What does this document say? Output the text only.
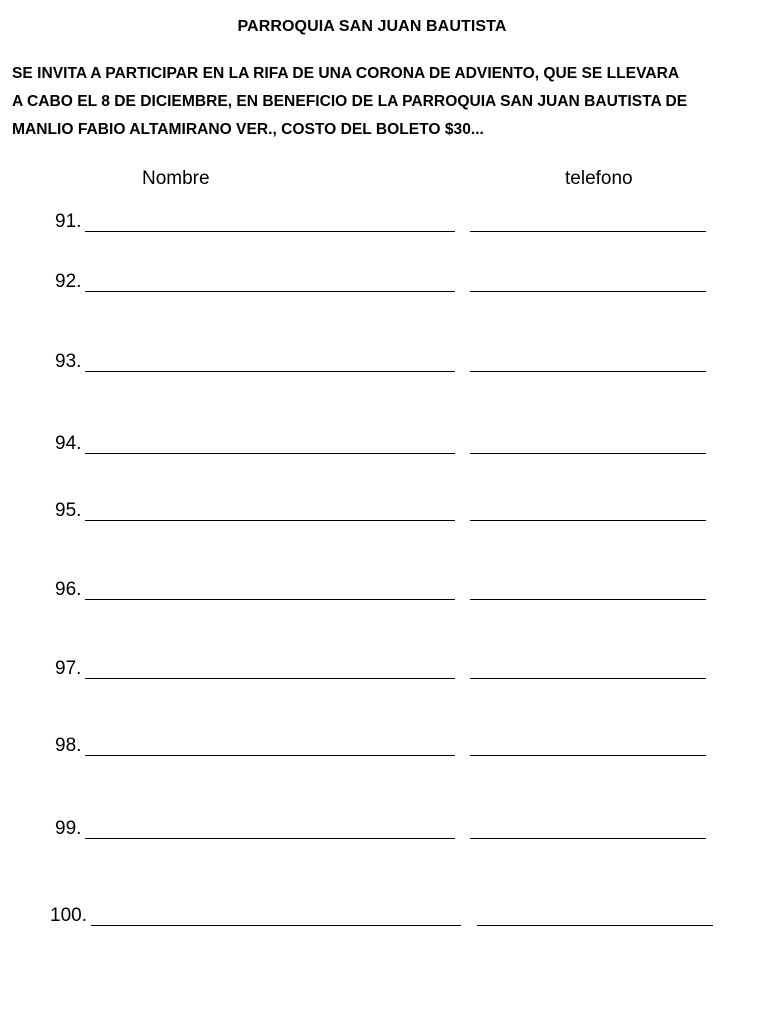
PARROQUIA SAN JUAN BAUTISTA

SE INVITA A PARTICIPAR EN LA RIFA DE UNA CORONA DE ADVIENTO, QUE SE LLEVARA
A CABO EL 8 DE DICIEMBRE, EN BENEFICIO DE LA PARROQUIA SAN JUAN BAUTISTA DE
MANLIO FABIO ALTAMIRANO VER., COSTO DEL BOLETO $30...

Nombre	telefono
91.
92.
93.
94.
95.
96.
97.
98.
99.
100.
